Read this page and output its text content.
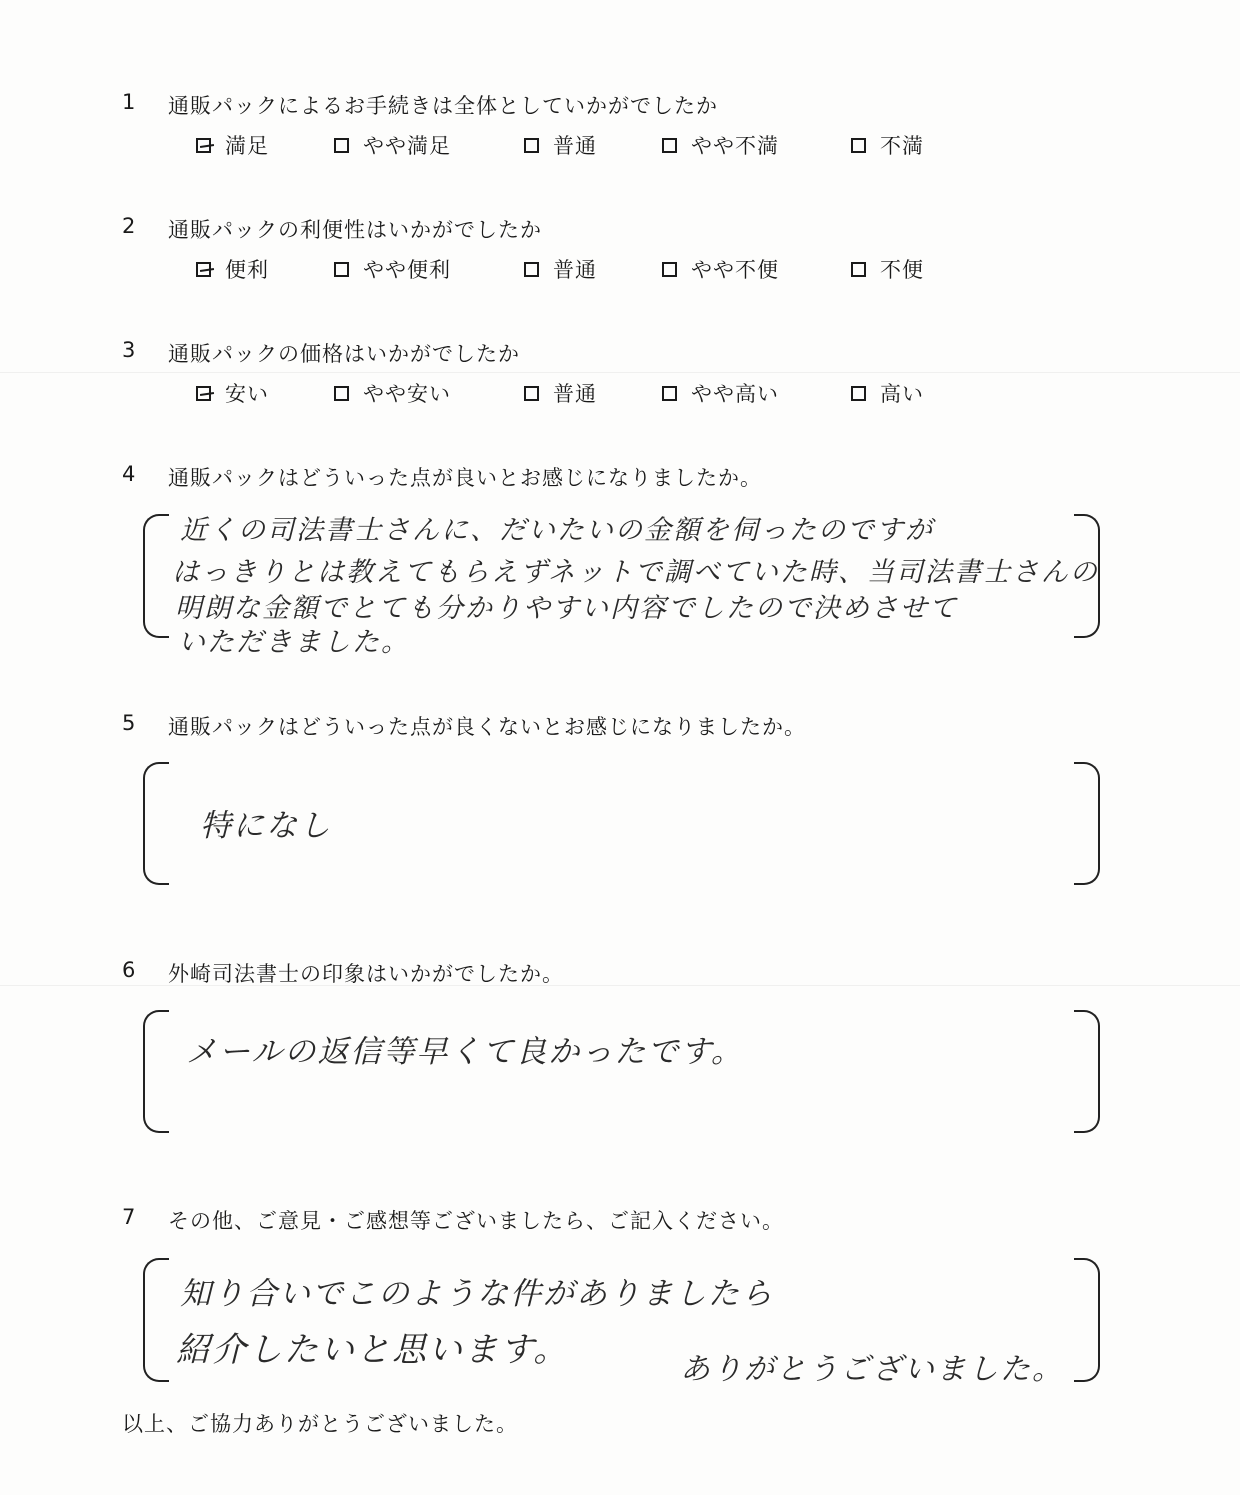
1 通販パックによるお手続きは全体としていかがでしたか
満足	やや満足	普通	やや不満	不満
2 通販パックの利便性はいかがでしたか
便利	やや便利	普通	やや不便	不便
3 通販パックの価格はいかがでしたか
安い	やや安い	普通	やや高い	高い
4 通販パックはどういった点が良いとお感じになりましたか。
近くの司法書士さんに、だいたいの金額を伺ったのですが
はっきりとは教えてもらえずネットで調べていた時、当司法書士さんの
明朗な金額でとても分かりやすい内容でしたので決めさせて
いただきました。
5 通販パックはどういった点が良くないとお感じになりましたか。
特になし
6 外崎司法書士の印象はいかがでしたか。
メールの返信等早くて良かったです。
7 その他、ご意見・ご感想等ございましたら、ご記入ください。
知り合いでこのような件がありましたら
紹介したいと思います。	ありがとうございました。
以上、ご協力ありがとうございました。
